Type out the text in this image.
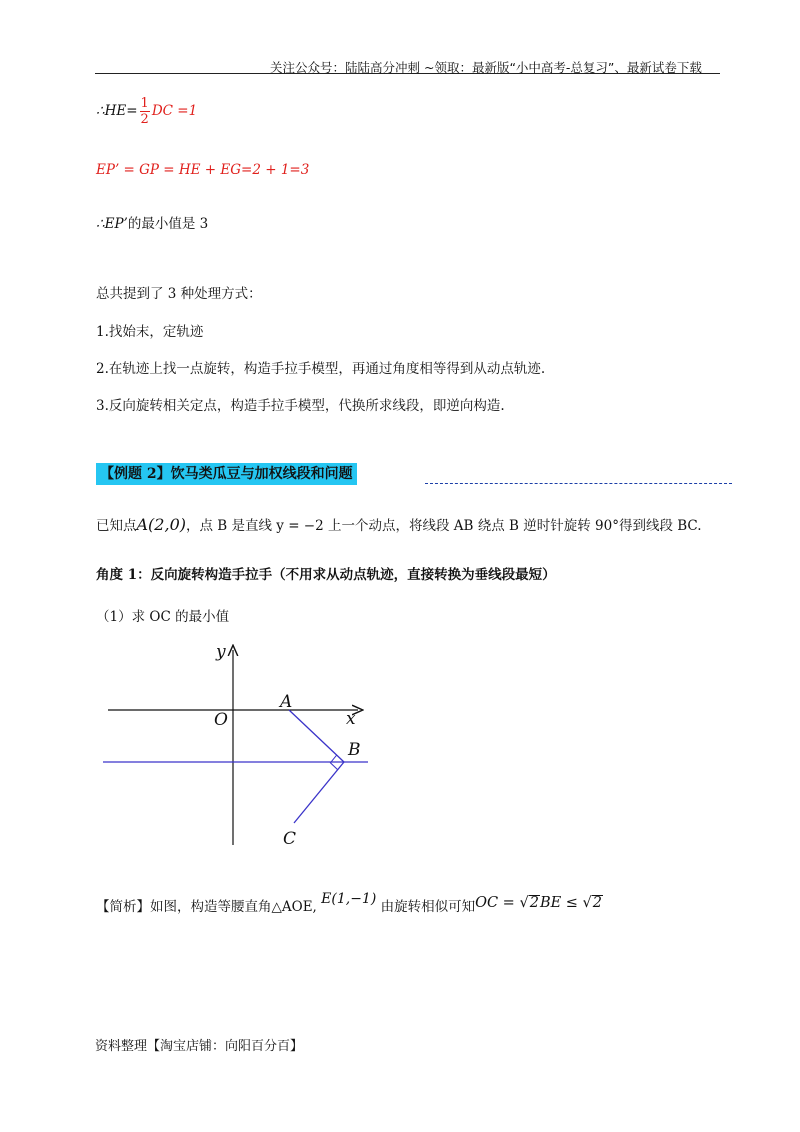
关注公众号：陆陆高分冲刺 ~领取：最新版“小中高考-总复习”、最新试卷下载
∴HE= $\frac{1}{2}$ DC =1
EP’ = GP = HE + EG=2 + 1=3
∴EP’的最小值是 3
总共提到了 3 种处理方式：
1.找始末，定轨迹
2.在轨迹上找一点旋转，构造手拉手模型，再通过角度相等得到从动点轨迹.
3.反向旋转相关定点，构造手拉手模型，代换所求线段，即逆向构造.
【例题 2】饮马类瓜豆与加权线段和问题
已知点A(2,0)，点 B 是直线 y = −2 上一个动点，将线段 AB 绕点 B 逆时针旋转 90°得到线段 BC.
角度 1：反向旋转构造手拉手（不用求从动点轨迹，直接转换为垂线段最短）
（1）求 OC 的最小值
y
x
O
A
B
C
【简析】如图，构造等腰直角△AOE, E(1,−1) 由旋转相似可知OC = √2BE ≤ √2
资料整理【淘宝店铺：向阳百分百】
